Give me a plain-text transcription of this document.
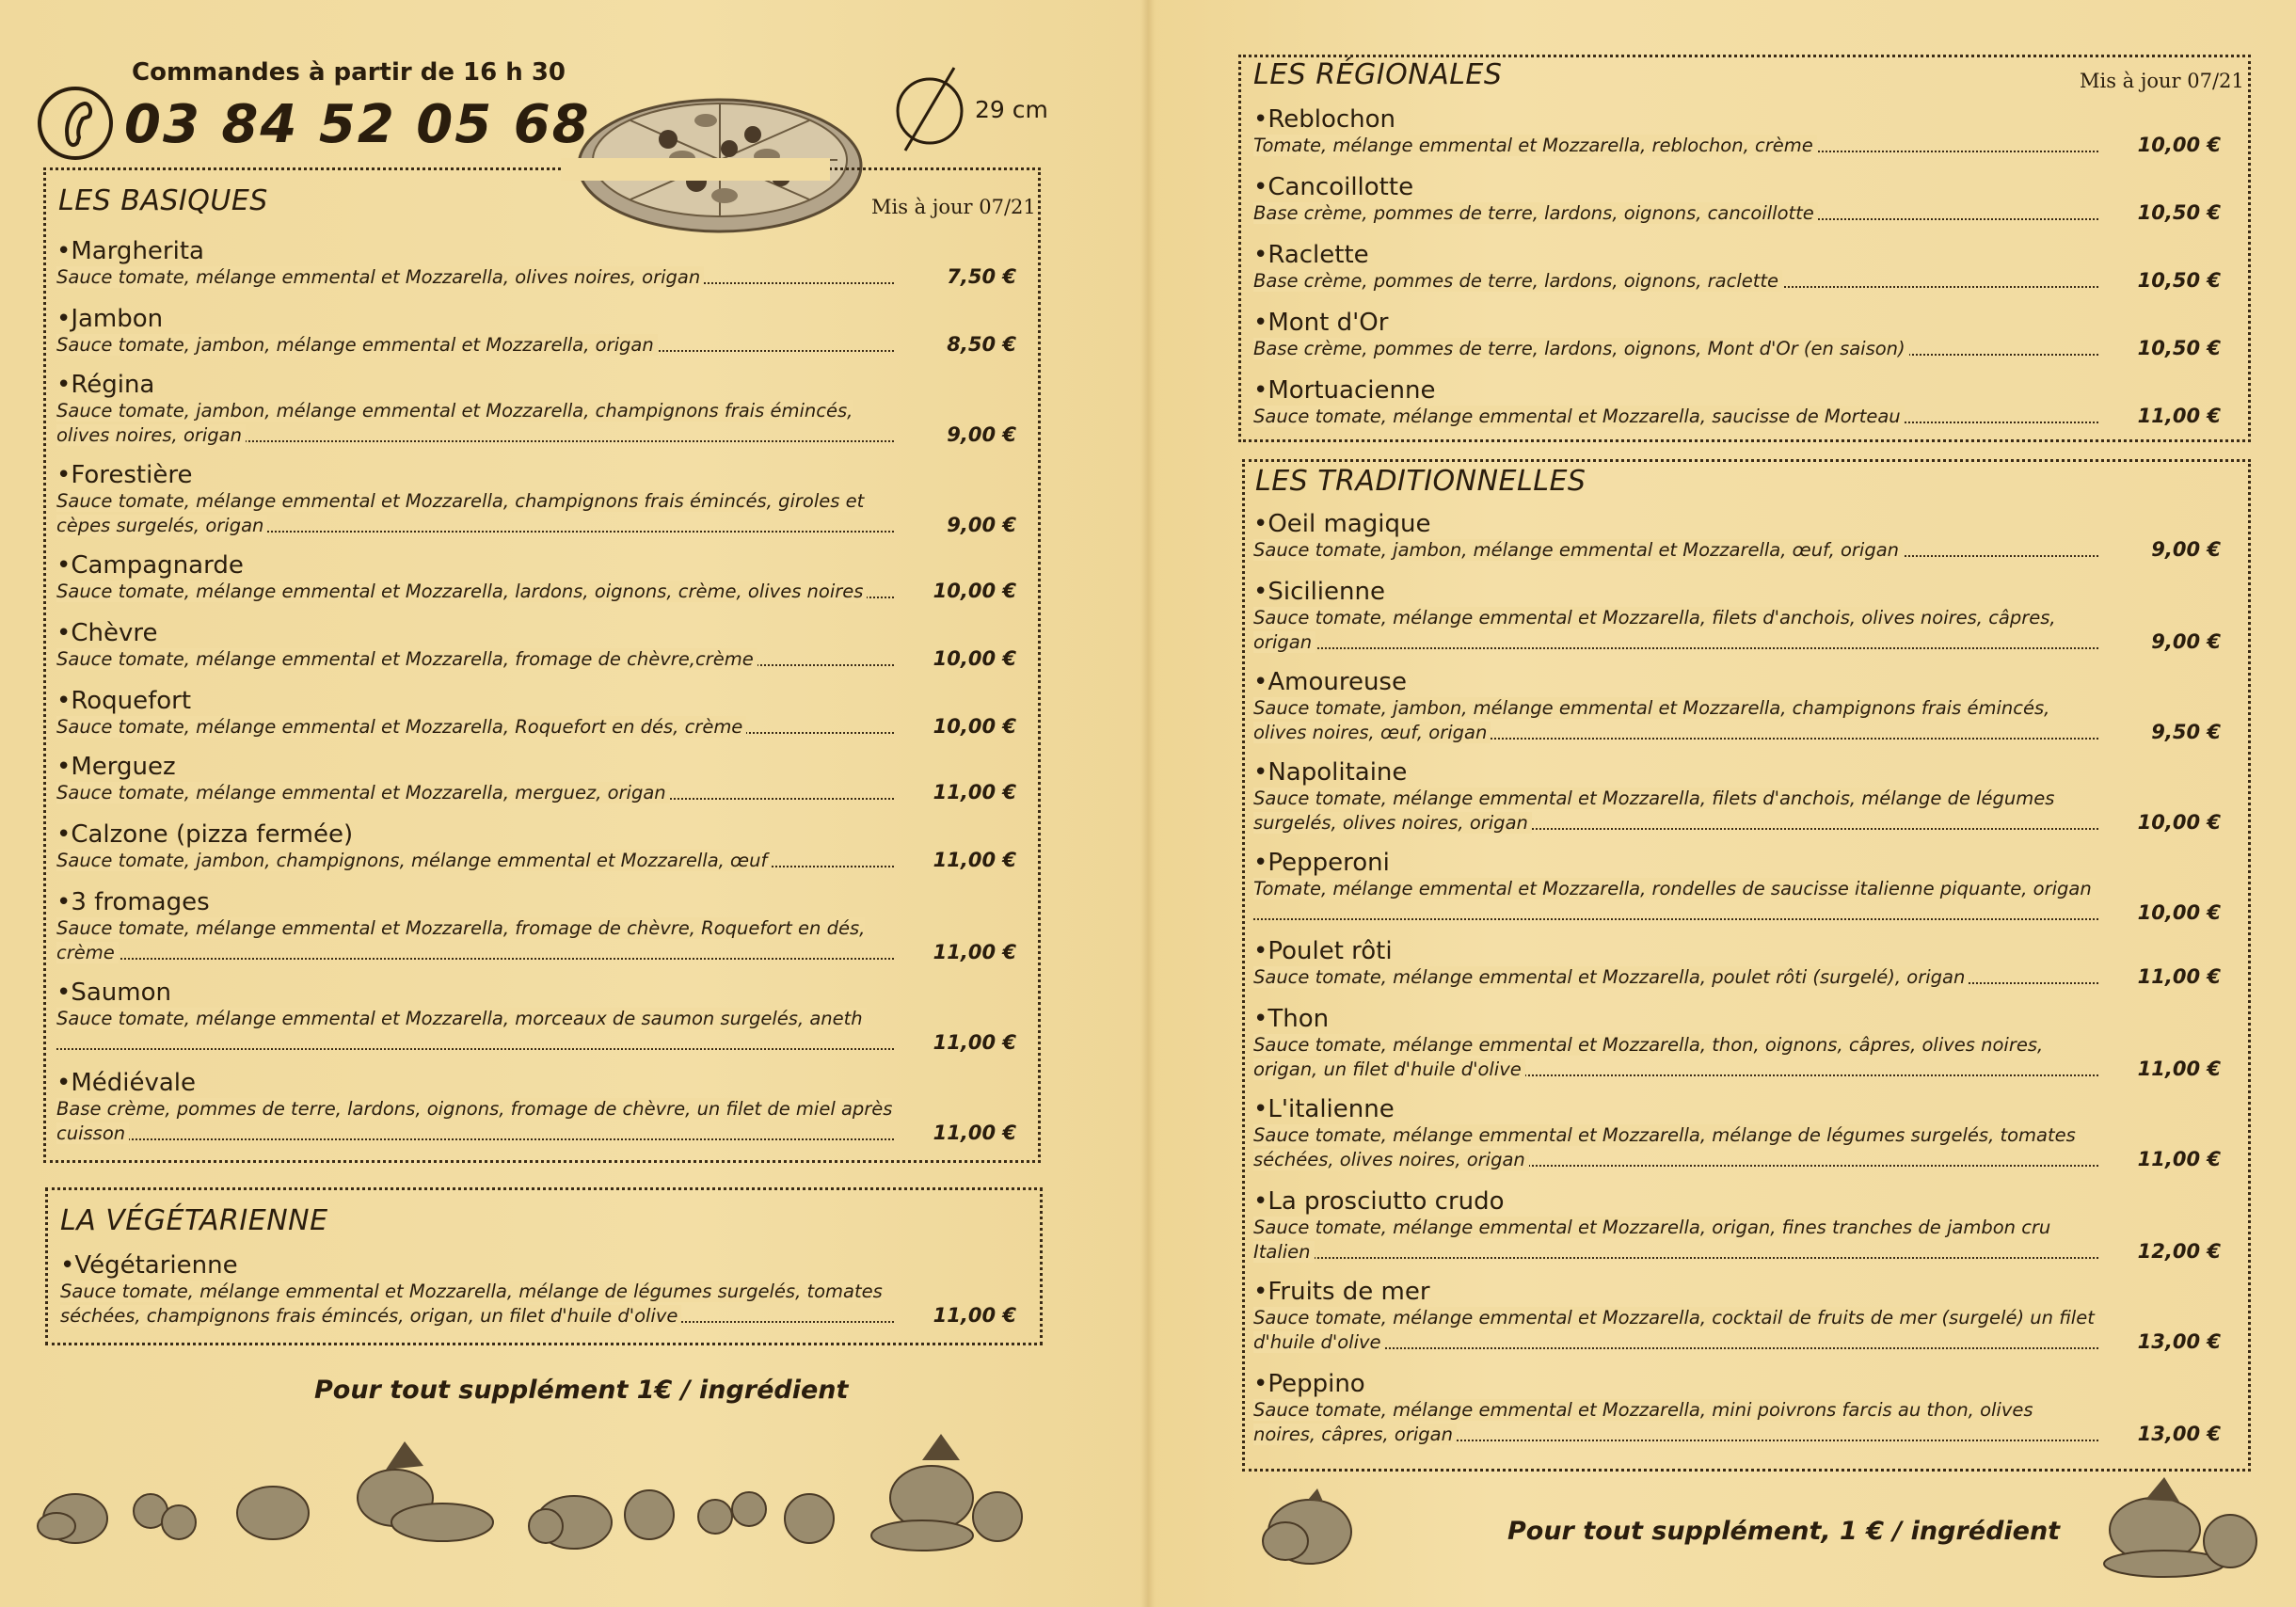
Commandes à partir de 16 h 30
03 84 52 05 68	29 cm
LES BASIQUES	Mis à jour 07/21
•Margherita
Sauce tomate, mélange emmental et Mozzarella, olives noires, origan	7,50 €
•Jambon
Sauce tomate, jambon, mélange emmental et Mozzarella, origan	8,50 €
•Régina
Sauce tomate, jambon, mélange emmental et Mozzarella, champignons frais émincés, olives noires, origan	9,00 €
•Forestière
Sauce tomate, mélange emmental et Mozzarella, champignons frais émincés, giroles et cèpes surgelés, origan	9,00 €
•Campagnarde
Sauce tomate, mélange emmental et Mozzarella, lardons, oignons, crème, olives noires	10,00 €
•Chèvre
Sauce tomate, mélange emmental et Mozzarella, fromage de chèvre,crème	10,00 €
•Roquefort
Sauce tomate, mélange emmental et Mozzarella, Roquefort en dés, crème	10,00 €
•Merguez
Sauce tomate, mélange emmental et Mozzarella, merguez, origan	11,00 €
•Calzone (pizza fermée)
Sauce tomate, jambon, champignons, mélange emmental et Mozzarella, œuf	11,00 €
•3 fromages
Sauce tomate, mélange emmental et Mozzarella, fromage de chèvre, Roquefort en dés, crème	11,00 €
•Saumon
Sauce tomate, mélange emmental et Mozzarella, morceaux de saumon surgelés, aneth
11,00 €
•Médiévale
Base crème, pommes de terre, lardons, oignons, fromage de chèvre, un filet de miel après cuisson	11,00 €
LA VÉGÉTARIENNE
•Végétarienne
Sauce tomate, mélange emmental et Mozzarella, mélange de légumes surgelés, tomates séchées, champignons frais émincés, origan, un filet d'huile d'olive	11,00 €
Pour tout supplément 1€ / ingrédient
LES RÉGIONALES	Mis à jour 07/21
•Reblochon
Tomate, mélange emmental et Mozzarella, reblochon, crème	10,00 €
•Cancoillotte
Base crème, pommes de terre, lardons, oignons, cancoillotte	10,50 €
•Raclette
Base crème, pommes de terre, lardons, oignons, raclette	10,50 €
•Mont d'Or
Base crème, pommes de terre, lardons, oignons, Mont d'Or (en saison)	10,50 €
•Mortuacienne
Sauce tomate, mélange emmental et Mozzarella, saucisse de Morteau	11,00 €
LES TRADITIONNELLES
•Oeil magique
Sauce tomate, jambon, mélange emmental et Mozzarella, œuf, origan	9,00 €
•Sicilienne
Sauce tomate, mélange emmental et Mozzarella, filets d'anchois, olives noires, câpres, origan	9,00 €
•Amoureuse
Sauce tomate, jambon, mélange emmental et Mozzarella, champignons frais émincés, olives noires, œuf, origan	9,50 €
•Napolitaine
Sauce tomate, mélange emmental et Mozzarella, filets d'anchois, mélange de légumes surgelés, olives noires, origan	10,00 €
•Pepperoni
Tomate, mélange emmental et Mozzarella, rondelles de saucisse italienne piquante, origan
10,00 €
•Poulet rôti
Sauce tomate, mélange emmental et Mozzarella, poulet rôti (surgelé), origan	11,00 €
•Thon
Sauce tomate, mélange emmental et Mozzarella, thon, oignons, câpres, olives noires, origan, un filet d'huile d'olive	11,00 €
•L'italienne
Sauce tomate, mélange emmental et Mozzarella, mélange de légumes surgelés, tomates séchées, olives noires, origan	11,00 €
•La prosciutto crudo
Sauce tomate, mélange emmental et Mozzarella, origan, fines tranches de jambon cru Italien	12,00 €
•Fruits de mer
Sauce tomate, mélange emmental et Mozzarella, cocktail de fruits de mer (surgelé) un filet d'huile d'olive	13,00 €
•Peppino
Sauce tomate, mélange emmental et Mozzarella, mini poivrons farcis au thon, olives noires, câpres, origan	13,00 €
Pour tout supplément, 1 € / ingrédient
